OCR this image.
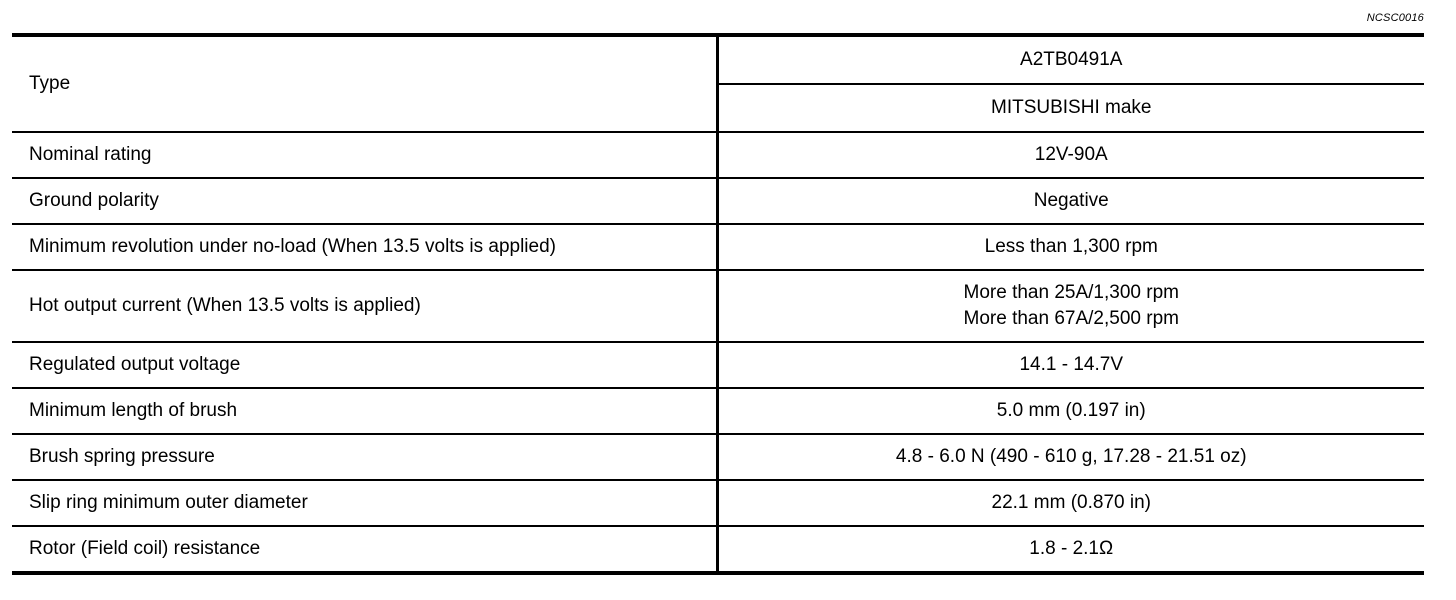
NCSC0016
Type	A2TB0491A
	MITSUBISHI make
Nominal rating	12V-90A
Ground polarity	Negative
Minimum revolution under no-load (When 13.5 volts is applied)	Less than 1,300 rpm
Hot output current (When 13.5 volts is applied)	More than 25A/1,300 rpm
More than 67A/2,500 rpm

Regulated output voltage	14.1 - 14.7V
Minimum length of brush	5.0 mm (0.197 in)
Brush spring pressure	4.8 - 6.0 N (490 - 610 g, 17.28 - 21.51 oz)
Slip ring minimum outer diameter	22.1 mm (0.870 in)
Rotor (Field coil) resistance	1.8 - 2.1Ω
